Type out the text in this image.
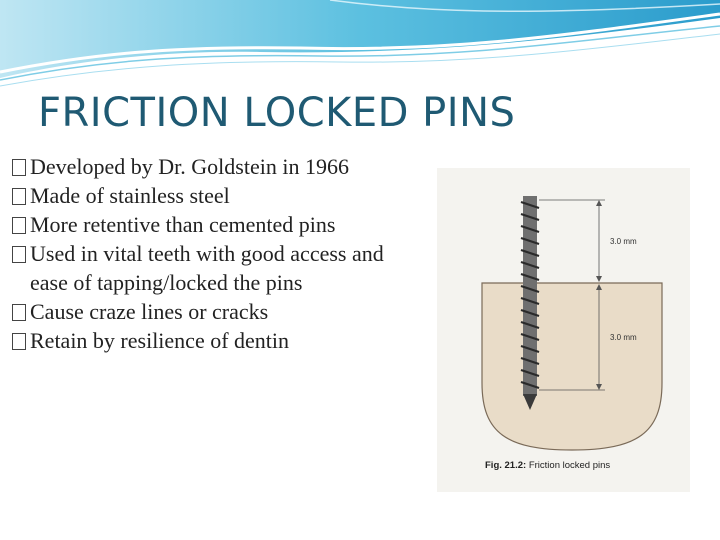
FRICTION LOCKED PINS
Developed by Dr. Goldstein in 1966
Made of stainless steel
More retentive than cemented pins
Used in vital teeth with good access and ease of tapping/locked the pins
Cause craze lines or cracks
Retain by resilience of dentin
3.0 mm
3.0 mm
Fig. 21.2: Friction locked pins
